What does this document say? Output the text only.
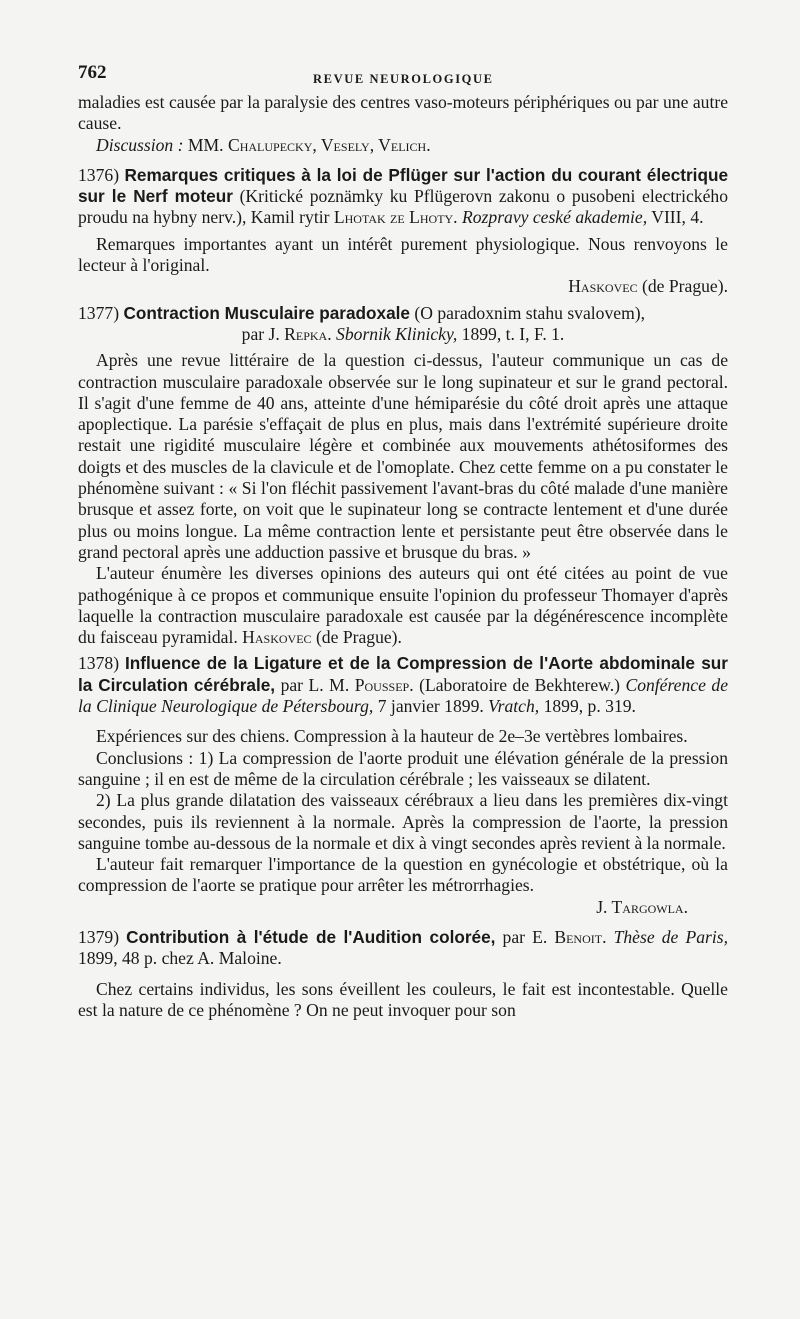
762	REVUE NEUROLOGIQUE

maladies est causée par la paralysie des centres vaso-moteurs périphériques ou par une autre cause.

Discussion : MM. Chalupecky, Vesely, Velich.

1376) Remarques critiques à la loi de Pflüger sur l'action du courant électrique sur le Nerf moteur (Kritické poznämky ku Pflügerovn zakonu o pusobeni electrického proudu na hybny nerv.), Kamil rytir Lhotak ze Lhoty. Rozpravy ceské akademie, VIII, 4.

Remarques importantes ayant un intérêt purement physiologique. Nous renvoyons le lecteur à l'original.

Haskovec (de Prague).

1377) Contraction Musculaire paradoxale (O paradoxnim stahu svalovem),

par J. Repka. Sbornik Klinicky, 1899, t. I, F. 1.

Après une revue littéraire de la question ci-dessus, l'auteur communique un cas de contraction musculaire paradoxale observée sur le long supinateur et sur le grand pectoral. Il s'agit d'une femme de 40 ans, atteinte d'une hémiparésie du côté droit après une attaque apoplectique. La parésie s'effaçait de plus en plus, mais dans l'extrémité supérieure droite restait une rigidité musculaire légère et combinée aux mouvements athétosiformes des doigts et des muscles de la clavicule et de l'omoplate. Chez cette femme on a pu constater le phénomène suivant : « Si l'on fléchit passivement l'avant-bras du côté malade d'une manière brusque et assez forte, on voit que le supinateur long se contracte lentement et d'une durée plus ou moins longue. La même contraction lente et persistante peut être observée dans le grand pectoral après une adduction passive et brusque du bras. »

L'auteur énumère les diverses opinions des auteurs qui ont été citées au point de vue pathogénique à ce propos et communique ensuite l'opinion du professeur Thomayer d'après laquelle la contraction musculaire paradoxale est causée par la dégénérescence incomplète du faisceau pyramidal. Haskovec (de Prague).

1378) Influence de la Ligature et de la Compression de l'Aorte abdominale sur la Circulation cérébrale, par L. M. Poussep. (Laboratoire de Bekhterew.) Conférence de la Clinique Neurologique de Pétersbourg, 7 janvier 1899. Vratch, 1899, p. 319.

Expériences sur des chiens. Compression à la hauteur de 2e–3e vertèbres lombaires.

Conclusions : 1) La compression de l'aorte produit une élévation générale de la pression sanguine ; il en est de même de la circulation cérébrale ; les vaisseaux se dilatent.

2) La plus grande dilatation des vaisseaux cérébraux a lieu dans les premières dix-vingt secondes, puis ils reviennent à la normale. Après la compression de l'aorte, la pression sanguine tombe au-dessous de la normale et dix à vingt secondes après revient à la normale.

L'auteur fait remarquer l'importance de la question en gynécologie et obstétrique, où la compression de l'aorte se pratique pour arrêter les métrorrhagies.

J. Targowla.

1379) Contribution à l'étude de l'Audition colorée, par E. Benoit. Thèse de Paris, 1899, 48 p. chez A. Maloine.

Chez certains individus, les sons éveillent les couleurs, le fait est incontestable. Quelle est la nature de ce phénomène ? On ne peut invoquer pour son
